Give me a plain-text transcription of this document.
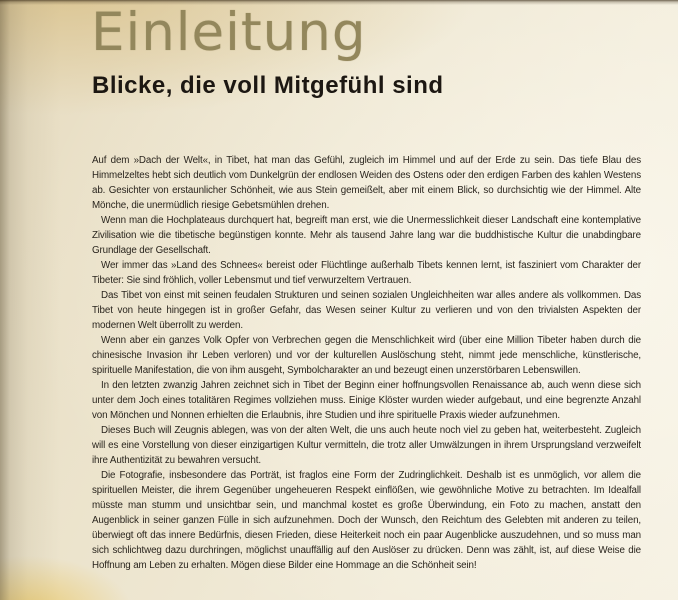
Einleitung
Blicke, die voll Mitgefühl sind

Auf dem »Dach der Welt«, in Tibet, hat man das Gefühl, zugleich im Himmel und auf der Erde zu sein. Das tiefe Blau des Himmelzeltes hebt sich deutlich vom Dunkelgrün der endlosen Weiden des Ostens oder den erdigen Farben des kahlen Westens ab. Gesichter von erstaunlicher Schönheit, wie aus Stein gemeißelt, aber mit einem Blick, so durchsichtig wie der Himmel. Alte Mönche, die unermüdlich riesige Gebetsmühlen drehen.

Wenn man die Hochplateaus durchquert hat, begreift man erst, wie die Unermesslichkeit dieser Landschaft eine kontemplative Zivilisation wie die tibetische begünstigen konnte. Mehr als tausend Jahre lang war die buddhistische Kultur die unabdingbare Grundlage der Gesellschaft.

Wer immer das »Land des Schnees« bereist oder Flüchtlinge außerhalb Tibets kennen lernt, ist fasziniert vom Charakter der Tibeter: Sie sind fröhlich, voller Lebensmut und tief verwurzeltem Vertrauen.

Das Tibet von einst mit seinen feudalen Strukturen und seinen sozialen Ungleichheiten war alles andere als vollkommen. Das Tibet von heute hingegen ist in großer Gefahr, das Wesen seiner Kultur zu verlieren und von den trivialsten Aspekten der modernen Welt überrollt zu werden.

Wenn aber ein ganzes Volk Opfer von Verbrechen gegen die Menschlichkeit wird (über eine Million Tibeter haben durch die chinesische Invasion ihr Leben verloren) und vor der kulturellen Auslöschung steht, nimmt jede menschliche, künstlerische, spirituelle Manifestation, die von ihm ausgeht, Symbolcharakter an und bezeugt einen unzerstörbaren Lebenswillen.

In den letzten zwanzig Jahren zeichnet sich in Tibet der Beginn einer hoffnungsvollen Renaissance ab, auch wenn diese sich unter dem Joch eines totalitären Regimes vollziehen muss. Einige Klöster wurden wieder aufgebaut, und eine begrenzte Anzahl von Mönchen und Nonnen erhielten die Erlaubnis, ihre Studien und ihre spirituelle Praxis wieder aufzunehmen.

Dieses Buch will Zeugnis ablegen, was von der alten Welt, die uns auch heute noch viel zu geben hat, weiterbesteht. Zugleich will es eine Vorstellung von dieser einzigartigen Kultur vermitteln, die trotz aller Umwälzungen in ihrem Ursprungsland verzweifelt ihre Authentizität zu bewahren versucht.

Die Fotografie, insbesondere das Porträt, ist fraglos eine Form der Zudringlichkeit. Deshalb ist es unmöglich, vor allem die spirituellen Meister, die ihrem Gegenüber ungeheueren Respekt einflößen, wie gewöhnliche Motive zu betrachten. Im Idealfall müsste man stumm und unsichtbar sein, und manchmal kostet es große Überwindung, ein Foto zu machen, anstatt den Augenblick in seiner ganzen Fülle in sich aufzunehmen. Doch der Wunsch, den Reichtum des Gelebten mit anderen zu teilen, überwiegt oft das innere Bedürfnis, diesen Frieden, diese Heiterkeit noch ein paar Augenblicke auszudehnen, und so muss man sich schlichtweg dazu durchringen, möglichst unauffällig auf den Auslöser zu drücken. Denn was zählt, ist, auf diese Weise die Hoffnung am Leben zu erhalten. Mögen diese Bilder eine Hommage an die Schönheit sein!
